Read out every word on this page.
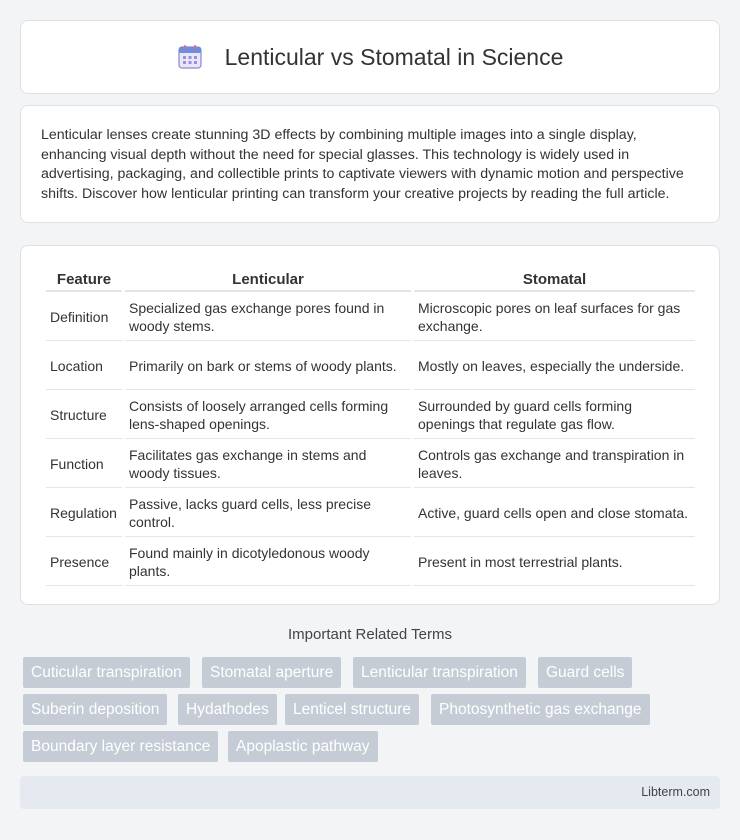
Lenticular vs Stomatal in Science

Lenticular lenses create stunning 3D effects by combining multiple images into a single display, enhancing visual depth without the need for special glasses. This technology is widely used in advertising, packaging, and collectible prints to captivate viewers with dynamic motion and perspective shifts. Discover how lenticular printing can transform your creative projects by reading the full article.

Feature	Lenticular	Stomatal
Definition	Specialized gas exchange pores found in woody stems.	Microscopic pores on leaf surfaces for gas exchange.
Location	Primarily on bark or stems of woody plants.	Mostly on leaves, especially the underside.
Structure	Consists of loosely arranged cells forming lens-shaped openings.	Surrounded by guard cells forming openings that regulate gas flow.
Function	Facilitates gas exchange in stems and woody tissues.	Controls gas exchange and transpiration in leaves.
Regulation	Passive, lacks guard cells, less precise control.	Active, guard cells open and close stomata.
Presence	Found mainly in dicotyledonous woody plants.	Present in most terrestrial plants.
Important Related Terms
Cuticular transpiration	Stomatal aperture	Lenticular transpiration	Guard cells
Suberin deposition	Hydathodes	Lenticel structure	Photosynthetic gas exchange
Boundary layer resistance	Apoplastic pathway
Libterm.com
